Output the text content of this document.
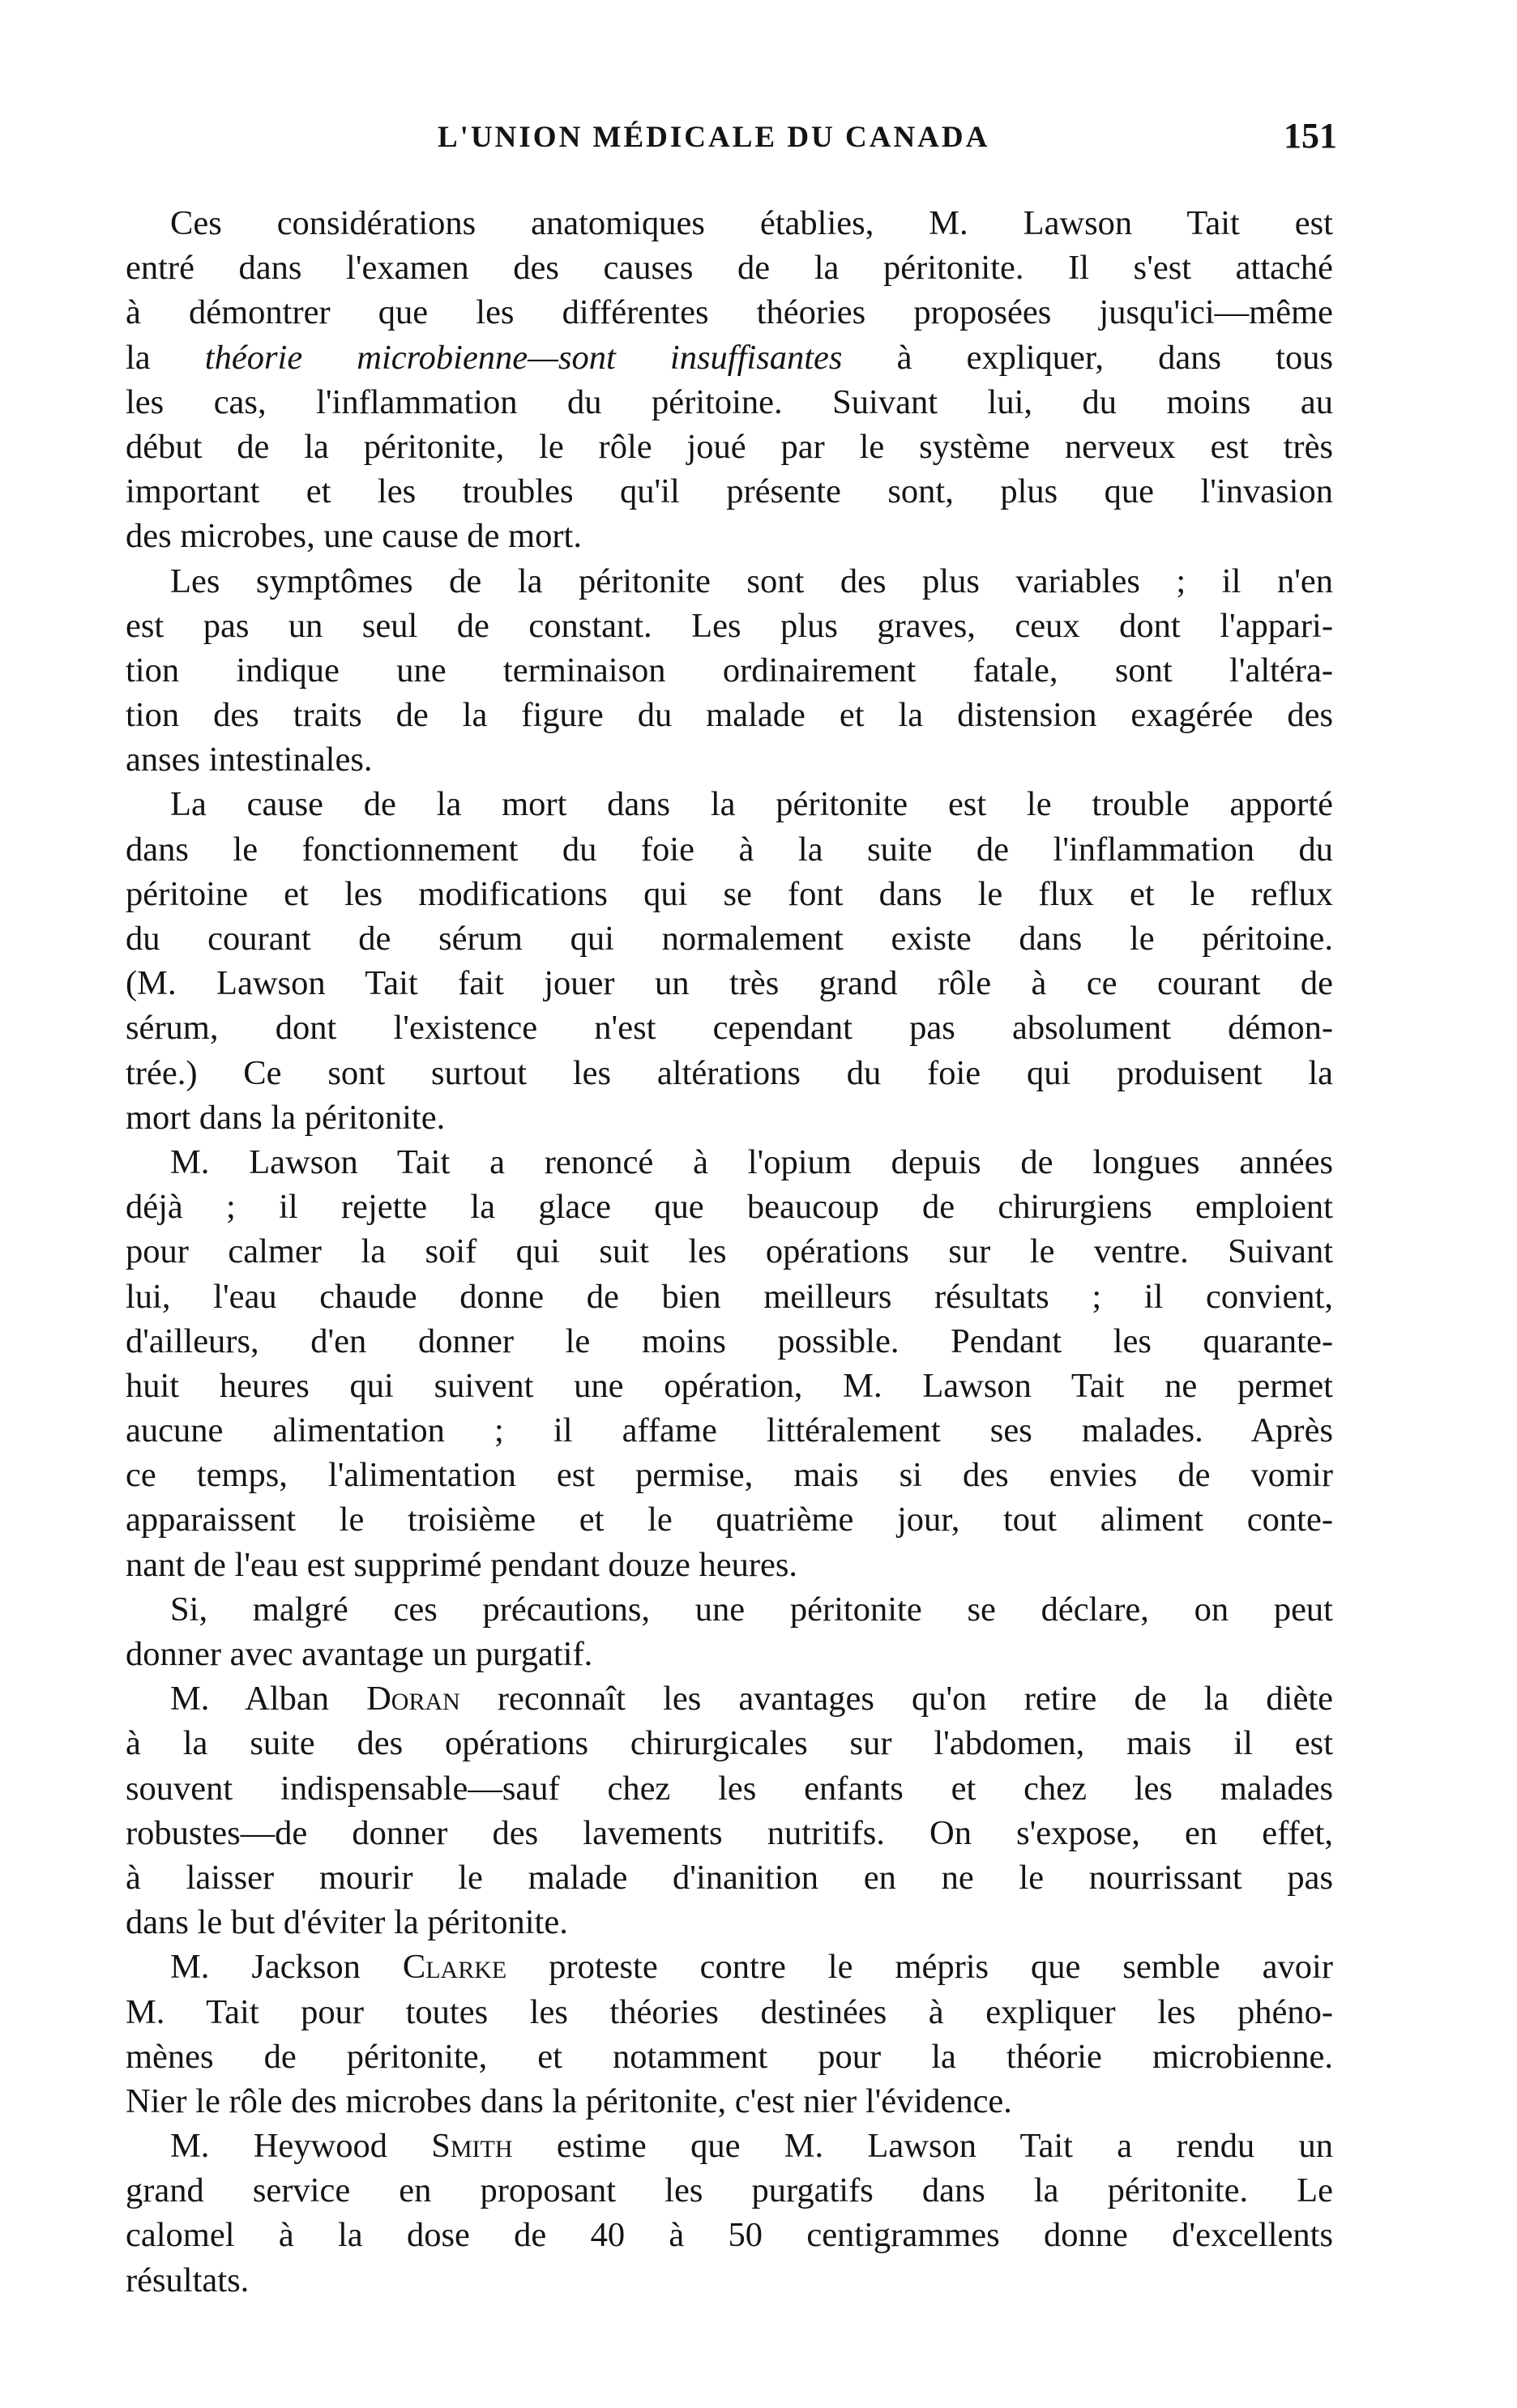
L'UNION MÉDICALE DU CANADA	151
Ces considérations anatomiques établies, M. Lawson Tait est
entré dans l'examen des causes de la péritonite. Il s'est attaché
à démontrer que les différentes théories proposées jusqu'ici—même
la théorie microbienne—sont insuffisantes à expliquer, dans tous
les cas, l'inflammation du péritoine. Suivant lui, du moins au
début de la péritonite, le rôle joué par le système nerveux est très
important et les troubles qu'il présente sont, plus que l'invasion
des microbes, une cause de mort.
Les symptômes de la péritonite sont des plus variables ; il n'en
est pas un seul de constant. Les plus graves, ceux dont l'appari-
tion indique une terminaison ordinairement fatale, sont l'altéra-
tion des traits de la figure du malade et la distension exagérée des
anses intestinales.
La cause de la mort dans la péritonite est le trouble apporté
dans le fonctionnement du foie à la suite de l'inflammation du
péritoine et les modifications qui se font dans le flux et le reflux
du courant de sérum qui normalement existe dans le péritoine.
(M. Lawson Tait fait jouer un très grand rôle à ce courant de
sérum, dont l'existence n'est cependant pas absolument démon-
trée.) Ce sont surtout les altérations du foie qui produisent la
mort dans la péritonite.
M. Lawson Tait a renoncé à l'opium depuis de longues années
déjà ; il rejette la glace que beaucoup de chirurgiens emploient
pour calmer la soif qui suit les opérations sur le ventre. Suivant
lui, l'eau chaude donne de bien meilleurs résultats ; il convient,
d'ailleurs, d'en donner le moins possible. Pendant les quarante-
huit heures qui suivent une opération, M. Lawson Tait ne permet
aucune alimentation ; il affame littéralement ses malades. Après
ce temps, l'alimentation est permise, mais si des envies de vomir
apparaissent le troisième et le quatrième jour, tout aliment conte-
nant de l'eau est supprimé pendant douze heures.
Si, malgré ces précautions, une péritonite se déclare, on peut
donner avec avantage un purgatif.
M. Alban Doran reconnaît les avantages qu'on retire de la diète
à la suite des opérations chirurgicales sur l'abdomen, mais il est
souvent indispensable—sauf chez les enfants et chez les malades
robustes—de donner des lavements nutritifs. On s'expose, en effet,
à laisser mourir le malade d'inanition en ne le nourrissant pas
dans le but d'éviter la péritonite.
M. Jackson Clarke proteste contre le mépris que semble avoir
M. Tait pour toutes les théories destinées à expliquer les phéno-
mènes de péritonite, et notamment pour la théorie microbienne.
Nier le rôle des microbes dans la péritonite, c'est nier l'évidence.
M. Heywood Smith estime que M. Lawson Tait a rendu un
grand service en proposant les purgatifs dans la péritonite. Le
calomel à la dose de 40 à 50 centigrammes donne d'excellents
résultats.
